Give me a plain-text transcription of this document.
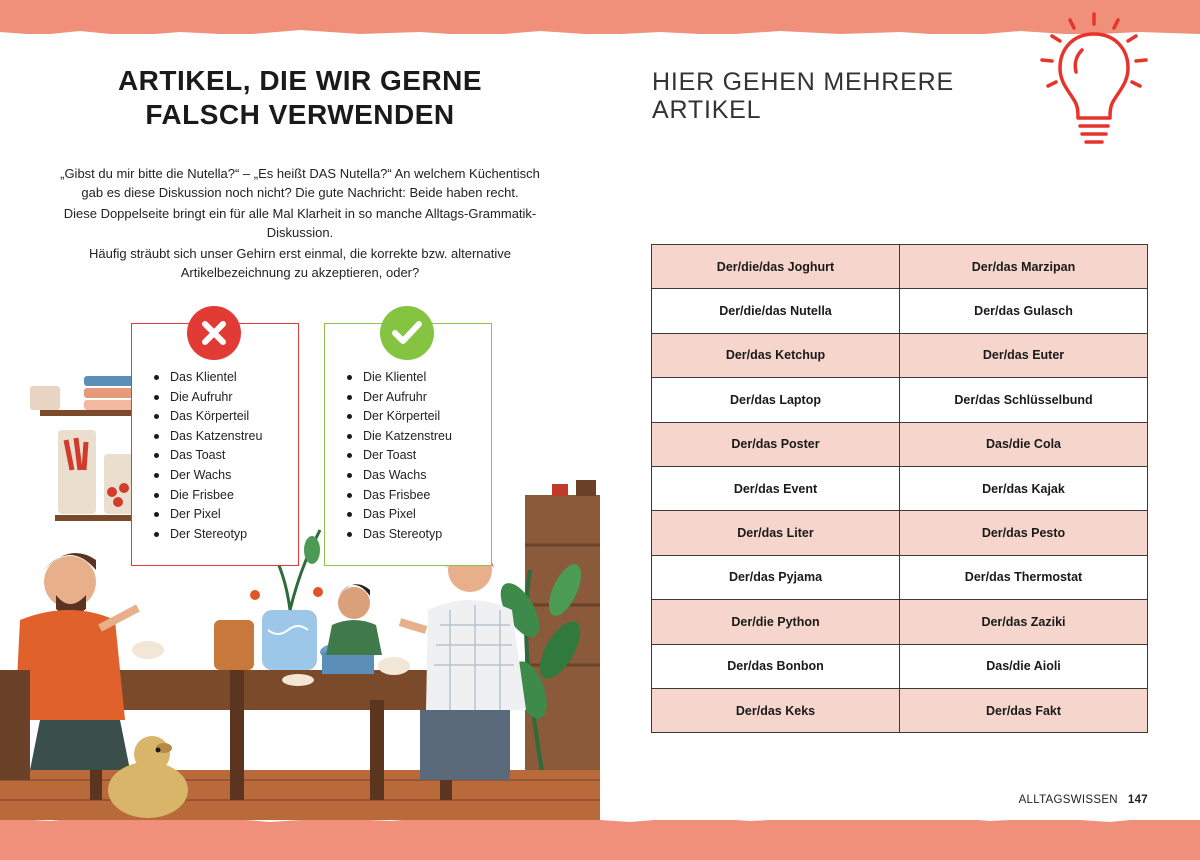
ARTIKEL, DIE WIR GERNE
FALSCH VERWENDEN

„Gibst du mir bitte die Nutella?“ – „Es heißt DAS Nutella?“ An welchem Küchentisch gab es diese Diskussion noch nicht? Die gute Nachricht: Beide haben recht.

Diese Doppelseite bringt ein für alle Mal Klarheit in so manche Alltags-Grammatik-Diskussion.

Häufig sträubt sich unser Gehirn erst einmal, die korrekte bzw. alternative Artikelbezeichnung zu akzeptieren, oder?

Das Klientel
Die Aufruhr
Das Körperteil
Das Katzenstreu
Das Toast
Der Wachs
Die Frisbee
Der Pixel
Der Stereotyp
Die Klientel
Der Aufruhr
Der Körperteil
Die Katzenstreu
Der Toast
Das Wachs
Das Frisbee
Das Pixel
Das Stereotyp
HIER GEHEN MEHRERE
ARTIKEL
Der/die/das Joghurt	Der/das Marzipan
Der/die/das Nutella	Der/das Gulasch
Der/das Ketchup	Der/das Euter
Der/das Laptop	Der/das Schlüsselbund
Der/das Poster	Das/die Cola
Der/das Event	Der/das Kajak
Der/das Liter	Der/das Pesto
Der/das Pyjama	Der/das Thermostat
Der/die Python	Der/das Zaziki
Der/das Bonbon	Das/die Aioli
Der/das Keks	Der/das Fakt
ALLTAGSWISSEN 147
